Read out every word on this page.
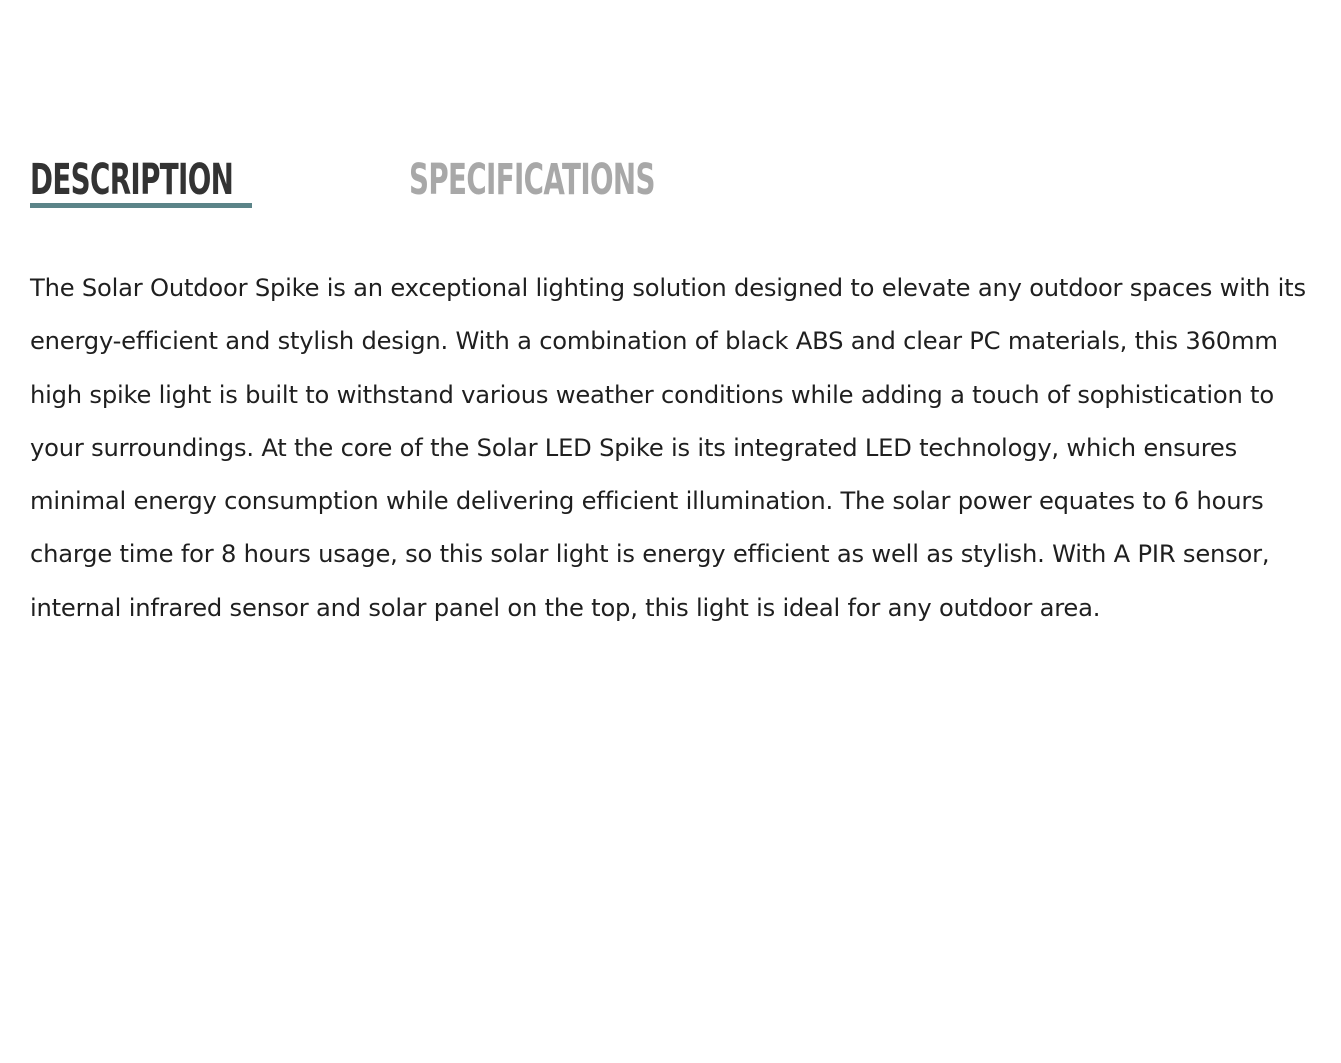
DESCRIPTION	SPECIFICATIONS

The Solar Outdoor Spike is an exceptional lighting solution designed to elevate any outdoor spaces with its energy-efficient and stylish design. With a combination of black ABS and clear PC materials, this 360mm high spike light is built to withstand various weather conditions while adding a touch of sophistication to your surroundings. At the core of the Solar LED Spike is its integrated LED technology, which ensures minimal energy consumption while delivering efficient illumination. The solar power equates to 6 hours charge time for 8 hours usage, so this solar light is energy efficient as well as stylish. With A PIR sensor, internal infrared sensor and solar panel on the top, this light is ideal for any outdoor area.
